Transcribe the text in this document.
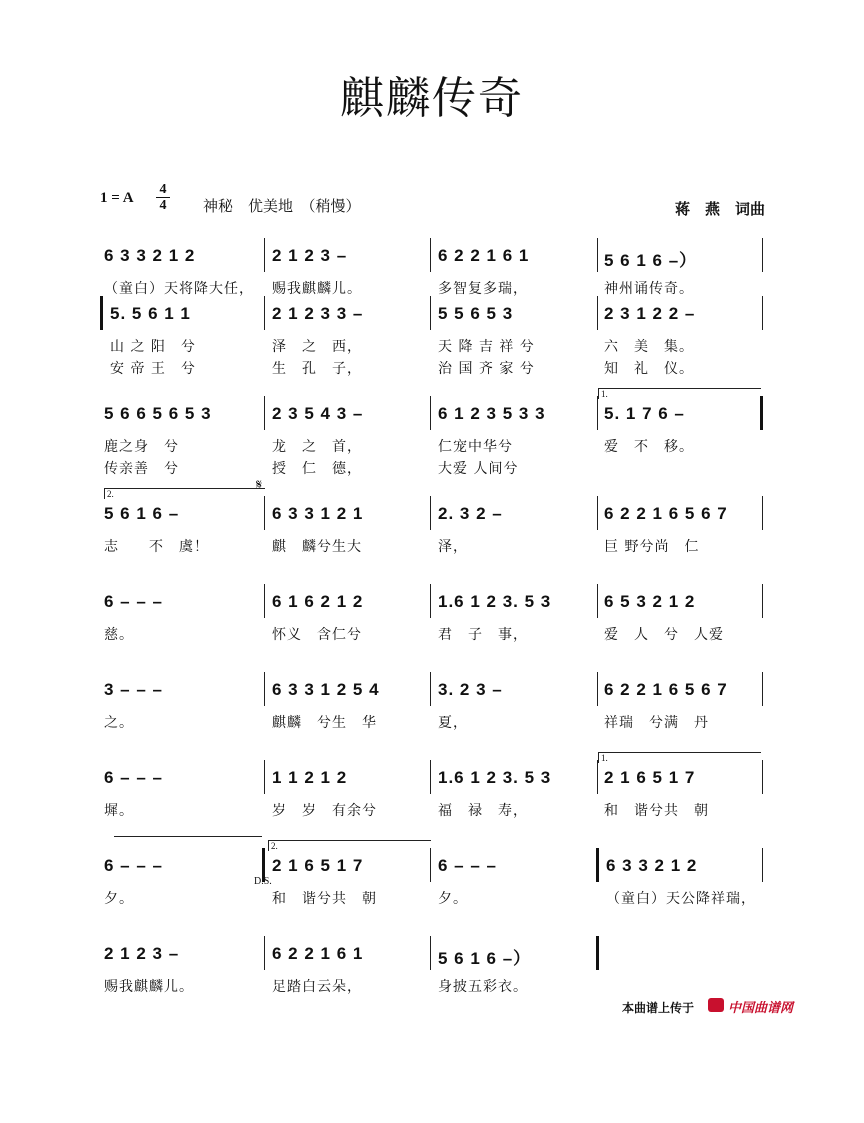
麒麟传奇
1 = A
4
4 神秘　优美地　（稍慢）	蒋　燕　词曲
6 3 3 2 1 2
（童白）天将降大任，
2 1 2 3 –
赐我麒麟儿。
6 2 2 1 6 1
多智复多瑞，
5 6 1 6 –）
神州诵传奇。
5. 5 6 1 1
山 之 阳　兮
安 帝 王　兮
2 1 2 3 3 –
泽　之　西，
生　孔　子，
5 5 6 5 3
天 降 吉 祥 兮
治 国 齐 家 兮
2 3 1 2 2 –
六　美　集。
知　礼　仪。
5 6 6 5 6 5 3
鹿之身　兮
传亲善　兮
2 3 5 4 3 –
龙　之　首，
授　仁　德，
6 1 2 3 5 3 3
仁宠中华兮
大爱 人间兮
1.
5. 1 7 6 –
爱　不　移。
2.
𝄋
5 6 1 6 –
志　　不　虞！
6 3 3 1 2 1
麒　麟兮生大
2. 3 2 –
泽，
6 2 2 1 6 5 6 7
巨 野兮尚　仁
6 – – –
慈。
6 1 6 2 1 2
怀义　含仁兮
1.6 1 2 3. 5 3
君　子　事，
6 5 3 2 1 2
爱　人　兮　人爱
3 – – –
之。
6 3 3 1 2 5 4
麒麟　兮生　华
3. 2 3 –
夏，
6 2 2 1 6 5 6 7
祥瑞　兮满　丹
6 – – –
墀。
1 1 2 1 2
岁　岁　有余兮
1.6 1 2 3. 5 3
福　禄　寿，
1.
2 1 6 5 1 7
和　谐兮共　朝
6 – – –
夕。
D.S.
2.
2 1 6 5 1 7
和　谐兮共　朝
6 – – –
夕。
6 3 3 2 1 2
（童白）天公降祥瑞，
2 1 2 3 –
赐我麒麟儿。
6 2 2 1 6 1
足踏白云朵，
5 6 1 6 –）
身披五彩衣。
本曲谱上传于	中国曲谱网
